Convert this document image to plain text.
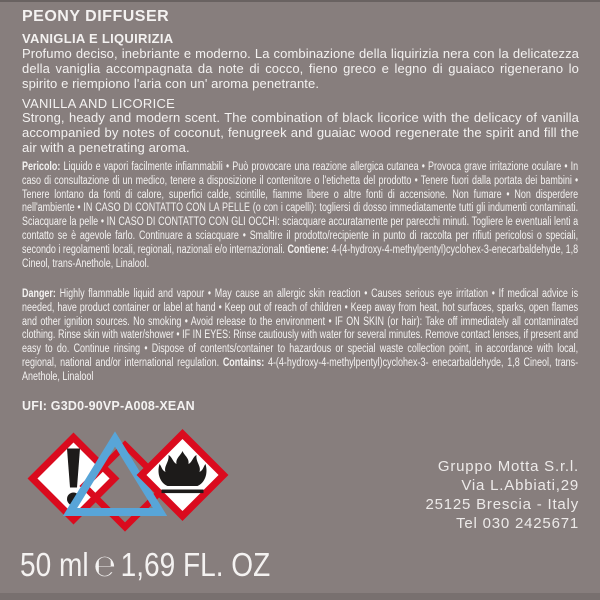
PEONY DIFFUSER
VANIGLIA E LIQUIRIZIA
Profumo deciso, inebriante e moderno. La combinazione della liquirizia nera con la delicatezza della vaniglia accompagnata da note di cocco, fieno greco e legno di guaiaco rigenerano lo spirito e riempiono l'aria con un' aroma penetrante.
VANILLA AND LICORICE
Strong, heady and modern scent. The combination of black licorice with the delicacy of vanilla accompanied by notes of coconut, fenugreek and guaiac wood regenerate the spirit and fill the air with a penetrating aroma.
Pericolo: Liquido e vapori facilmente infiammabili • Può provocare una reazione allergica cutanea • Provoca grave irritazione oculare • In caso di consultazione di un medico, tenere a disposizione il contenitore o l'etichetta del prodotto • Tenere fuori dalla portata dei bambini • Tenere lontano da fonti di calore, superfici calde, scintille, fiamme libere o altre fonti di accensione. Non fumare • Non disperdere nell'ambiente • IN CASO DI CONTATTO CON LA PELLE (o con i capelli): togliersi di dosso immediatamente tutti gli indumenti contaminati. Sciacquare la pelle • IN CASO DI CONTATTO CON GLI OCCHI: sciacquare accuratamente per parecchi minuti. Togliere le eventuali lenti a contatto se è agevole farlo. Continuare a sciacquare • Smaltire il prodotto/recipiente in punto di raccolta per rifiuti pericolosi o speciali, secondo i regolamenti locali, regionali, nazionali e/o internazionali. Contiene: 4-(4-hydroxy-4-methylpentyl)cyclohex-3-enecarbaldehyde, 1,8 Cineol, trans-Anethole, Linalool.
Danger: Highly flammable liquid and vapour • May cause an allergic skin reaction • Causes serious eye irritation • If medical advice is needed, have product container or label at hand • Keep out of reach of children • Keep away from heat, hot surfaces, sparks, open flames and other ignition sources. No smoking • Avoid release to the environment • IF ON SKIN (or hair): Take off immediately all contaminated clothing. Rinse skin with water/shower • IF IN EYES: Rinse cautiously with water for several minutes. Remove contact lenses, if present and easy to do. Continue rinsing • Dispose of contents/container to hazardous or special waste collection point, in accordance with local, regional, national and/or international regulation. Contains: 4-(4-hydroxy-4-methylpentyl)cyclohex-3- enecarbaldehyde, 1,8 Cineol, trans-Anethole, Linalool
UFI: G3D0-90VP-A008-XEAN
Gruppo Motta S.r.l.
Via L.Abbiati,29
25125 Brescia - Italy
Tel 030 2425671
50 ml ℮ 1,69 FL. OZ
